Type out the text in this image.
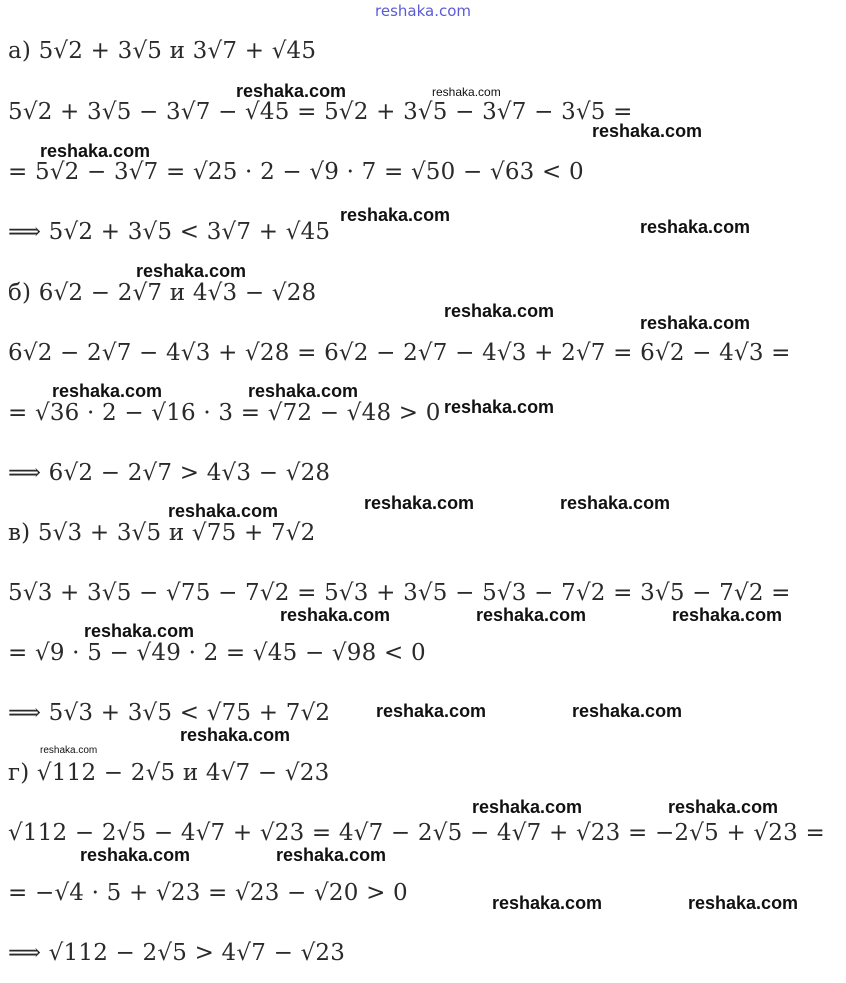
reshaka.com
а) 5√2 + 3√5 и 3√7 + √45
5√2 + 3√5 − 3√7 − √45 = 5√2 + 3√5 − 3√7 − 3√5 =
= 5√2 − 3√7 = √25 · 2 − √9 · 7 = √50 − √63 < 0
⟹ 5√2 + 3√5 < 3√7 + √45
б) 6√2 − 2√7 и 4√3 − √28
6√2 − 2√7 − 4√3 + √28 = 6√2 − 2√7 − 4√3 + 2√7 = 6√2 − 4√3 =
= √36 · 2 − √16 · 3 = √72 − √48 > 0
⟹ 6√2 − 2√7 > 4√3 − √28
в) 5√3 + 3√5 и √75 + 7√2
5√3 + 3√5 − √75 − 7√2 = 5√3 + 3√5 − 5√3 − 7√2 = 3√5 − 7√2 =
= √9 · 5 − √49 · 2 = √45 − √98 < 0
⟹ 5√3 + 3√5 < √75 + 7√2
г) √112 − 2√5 и 4√7 − √23
√112 − 2√5 − 4√7 + √23 = 4√7 − 2√5 − 4√7 + √23 = −2√5 + √23 =
= −√4 · 5 + √23 = √23 − √20 > 0
⟹ √112 − 2√5 > 4√7 − √23
reshaka.com	reshaka.com
reshaka.com
reshaka.com
reshaka.com
reshaka.com
reshaka.com
reshaka.com
reshaka.com
reshaka.com	reshaka.com
reshaka.com
reshaka.com	reshaka.com	reshaka.com
reshaka.com	reshaka.com	reshaka.com
reshaka.com
reshaka.com	reshaka.com
reshaka.com
reshaka.com
reshaka.com	reshaka.com
reshaka.com	reshaka.com
reshaka.com	reshaka.com
